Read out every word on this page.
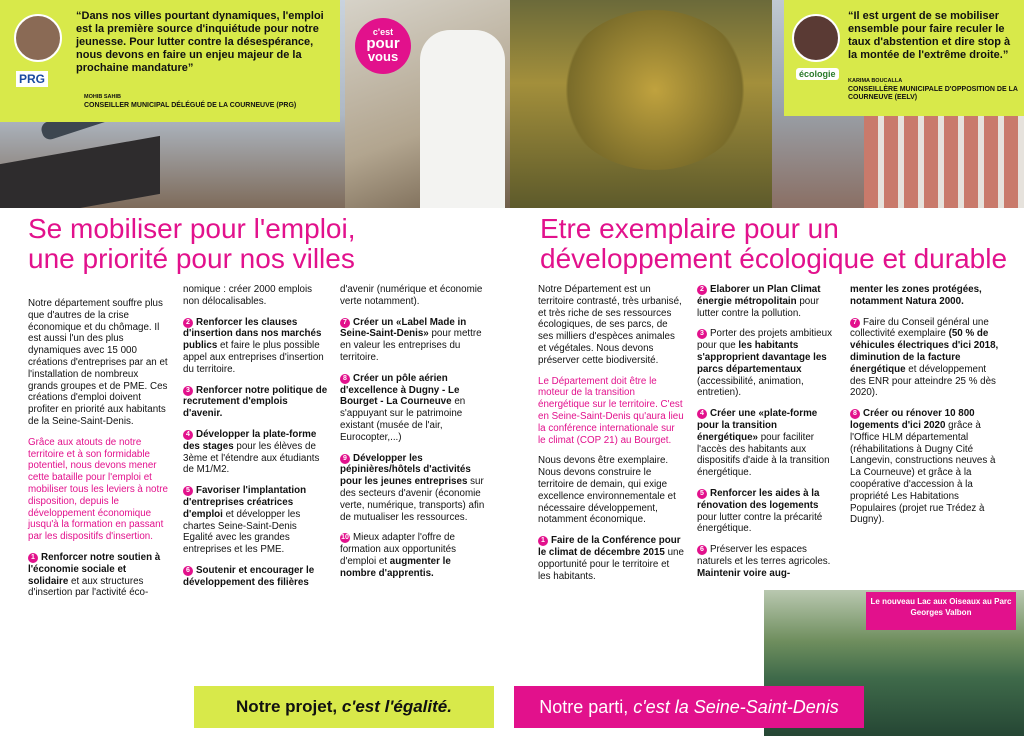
PRG
“Dans nos villes pourtant dynamiques, l'emploi est la première source d'inquiétude pour notre jeunesse. Pour lutter contre la désespérance, nous devons en faire un enjeu majeur de la prochaine mandature”
MOHIB SAHIB
CONSEILLER MUNICIPAL DÉLÉGUÉ DE LA COURNEUVE (PRG)
c'est
pour
vous
écologie
“Il est urgent de se mobiliser ensemble pour faire reculer le taux d'abstention et dire stop à la montée de l'extrême droite.”
KARIMA BOUCALLA
CONSEILLÈRE MUNICIPALE D'OPPOSITION DE LA COURNEUVE (EELV)
Se mobiliser pour l'emploi,
une priorité pour nos villes
Etre exemplaire pour un
développement écologique et durable

Notre département souffre plus que d'autres de la crise économique et du chômage. Il est aussi l'un des plus dynamiques avec 15 000 créations d'entreprises par an et l'installation de nombreux grands groupes et de PME. Ces créations d'emploi doivent profiter en priorité aux habitants de la Seine-Saint-Denis.

Grâce aux atouts de notre territoire et à son formidable potentiel, nous devons mener cette bataille pour l'emploi et mobiliser tous les leviers à notre disposition, depuis le développement économique jusqu'à la formation en passant par les dispositifs d'insertion.

1 Renforcer notre soutien à l'économie sociale et solidaire et aux structures d'insertion par l'activité éco-

nomique : créer 2000 emplois non délocalisables.

2 Renforcer les clauses d'insertion dans nos marchés publics et faire le plus possible appel aux entreprises d'insertion du territoire.

3 Renforcer notre politique de recrutement d'emplois d'avenir.

4 Développer la plate-forme des stages pour les élèves de 3ème et l'étendre aux étudiants de M1/M2.

5 Favoriser l'implantation d'entreprises créatrices d'emploi et développer les chartes Seine-Saint-Denis Egalité avec les grandes entreprises et les PME.

6 Soutenir et encourager le développement des filières

d'avenir (numérique et économie verte notamment).

7 Créer un «Label Made in Seine-Saint-Denis» pour mettre en valeur les entreprises du territoire.

8 Créer un pôle aérien d'excellence à Dugny - Le Bourget - La Courneuve en s'appuyant sur le patrimoine existant (musée de l'air, Eurocopter,...)

9 Développer les pépinières/hôtels d'activités pour les jeunes entreprises sur des secteurs d'avenir (économie verte, numérique, transports) afin de mutualiser les ressources.

10 Mieux adapter l'offre de formation aux opportunités d'emploi et augmenter le nombre d'apprentis.

Notre Département est un territoire contrasté, très urbanisé, et très riche de ses ressources écologiques, de ses parcs, de ses milliers d'espèces animales et végétales. Nous devons préserver cette biodiversité.

Le Département doit être le moteur de la transition énergétique sur le territoire. C'est en Seine-Saint-Denis qu'aura lieu la conférence internationale sur le climat (COP 21) au Bourget.

Nous devons être exemplaire. Nous devons construire le territoire de demain, qui exige excellence environnementale et nécessaire développement, notamment économique.

1 Faire de la Conférence pour le climat de décembre 2015 une opportunité pour le territoire et les habitants.

2 Elaborer un Plan Climat énergie métropolitain pour lutter contre la pollution.

3 Porter des projets ambitieux pour que les habitants s'approprient davantage les parcs départementaux (accessibilité, animation, entretien).

4 Créer une «plate-forme pour la transition énergétique» pour faciliter l'accès des habitants aux dispositifs d'aide à la transition énergétique.

5 Renforcer les aides à la rénovation des logements pour lutter contre la précarité énergétique.

6 Préserver les espaces naturels et les terres agricoles. Maintenir voire aug-

menter les zones protégées, notamment Natura 2000.

7 Faire du Conseil général une collectivité exemplaire (50 % de véhicules électriques d'ici 2018, diminution de la facture énergétique et développement des ENR pour atteindre 25 % dès 2020).

8 Créer ou rénover 10 800 logements d'ici 2020 grâce à l'Office HLM départemental (réhabilitations à Dugny Cité Langevin, constructions neuves à La Courneuve) et grâce à la coopérative d'accession à la propriété Les Habitations Populaires (projet rue Trédez à Dugny).

Le nouveau Lac aux Oiseaux au Parc Georges Valbon
Notre projet, c'est l'égalité.	Notre parti, c'est la Seine-Saint-Denis
